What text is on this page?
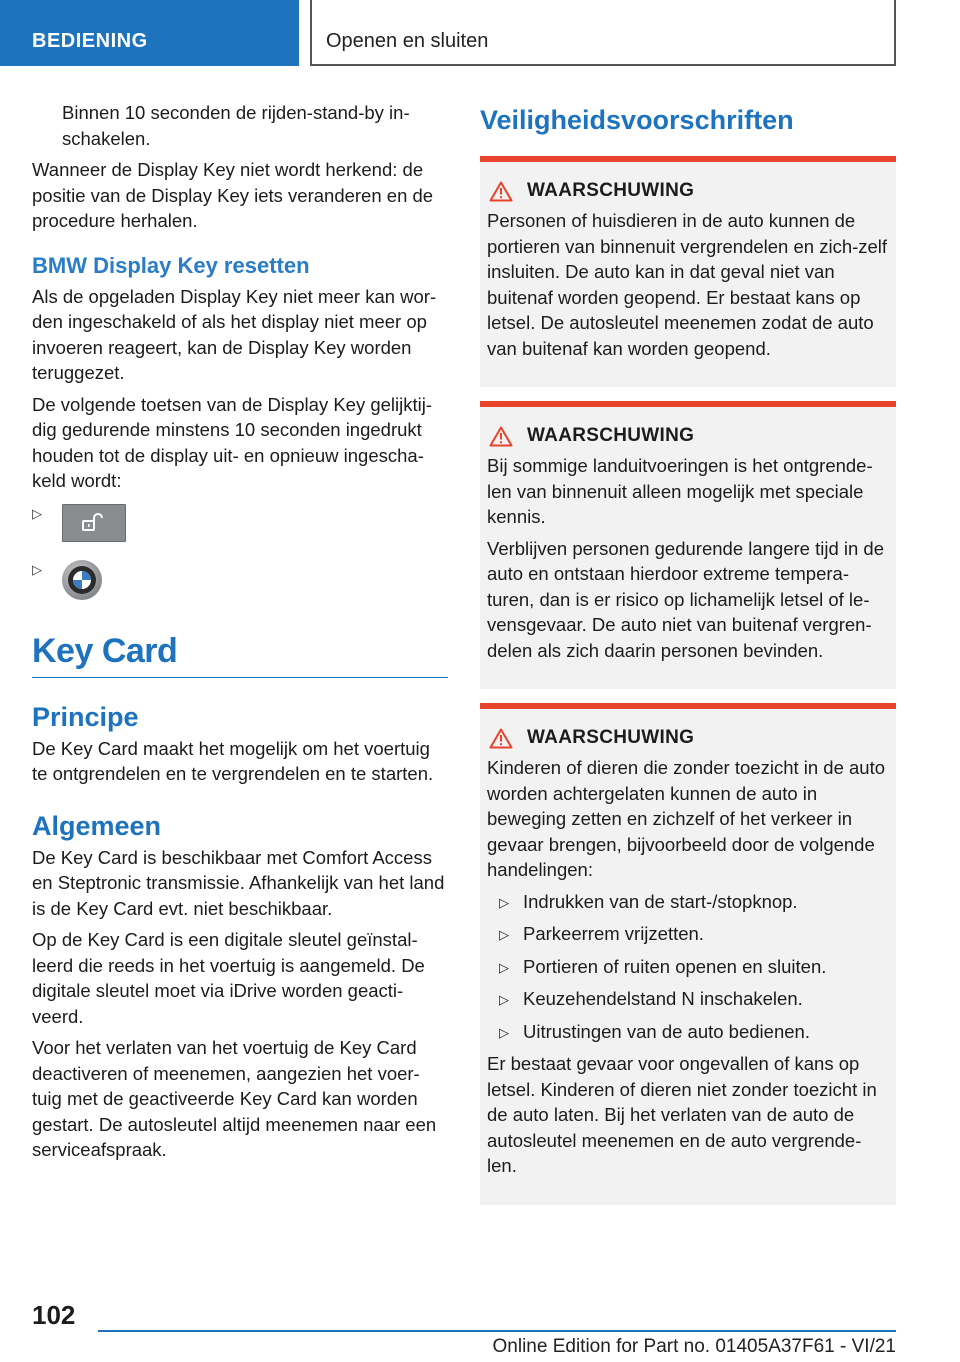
BEDIENING	Openen en sluiten

Binnen 10 seconden de rijden-stand-by in-schakelen.

Wanneer de Display Key niet wordt herkend: de positie van de Display Key iets veranderen en de procedure herhalen.

BMW Display Key resetten

Als de opgeladen Display Key niet meer kan wor-den ingeschakeld of als het display niet meer op invoeren reageert, kan de Display Key worden teruggezet.

De volgende toetsen van de Display Key gelijktij-dig gedurende minstens 10 seconden ingedrukt houden tot de display uit- en opnieuw ingescha-keld wordt:

▷
▷
Key Card
Principe

De Key Card maakt het mogelijk om het voertuig te ontgrendelen en te vergrendelen en te starten.

Algemeen

De Key Card is beschikbaar met Comfort Access en Steptronic transmissie. Afhankelijk van het land is de Key Card evt. niet beschikbaar.

Op de Key Card is een digitale sleutel geïnstal-leerd die reeds in het voertuig is aangemeld. De digitale sleutel moet via iDrive worden geacti-veerd.

Voor het verlaten van het voertuig de Key Card deactiveren of meenemen, aangezien het voer-tuig met de geactiveerde Key Card kan worden gestart. De autosleutel altijd meenemen naar een serviceafspraak.

Veiligheidsvoorschriften
WAARSCHUWING

Personen of huisdieren in de auto kunnen de portieren van binnenuit vergrendelen en zich-zelf insluiten. De auto kan in dat geval niet van buitenaf worden geopend. Er bestaat kans op letsel. De autosleutel meenemen zodat de auto van buitenaf kan worden geopend.

WAARSCHUWING

Bij sommige landuitvoeringen is het ontgrende-len van binnenuit alleen mogelijk met speciale kennis.

Verblijven personen gedurende langere tijd in de auto en ontstaan hierdoor extreme tempera-turen, dan is er risico op lichamelijk letsel of le-vensgevaar. De auto niet van buitenaf vergren-delen als zich daarin personen bevinden.

WAARSCHUWING

Kinderen of dieren die zonder toezicht in de auto worden achtergelaten kunnen de auto in beweging zetten en zichzelf of het verkeer in gevaar brengen, bijvoorbeeld door de volgende handelingen:

▷ Indrukken van de start-/stopknop.
▷ Parkeerrem vrijzetten.
▷ Portieren of ruiten openen en sluiten.
▷ Keuzehendelstand N inschakelen.
▷ Uitrustingen van de auto bedienen.

Er bestaat gevaar voor ongevallen of kans op letsel. Kinderen of dieren niet zonder toezicht in de auto laten. Bij het verlaten van de auto de autosleutel meenemen en de auto vergrende-len.

102
Online Edition for Part no. 01405A37F61 - VI/21
